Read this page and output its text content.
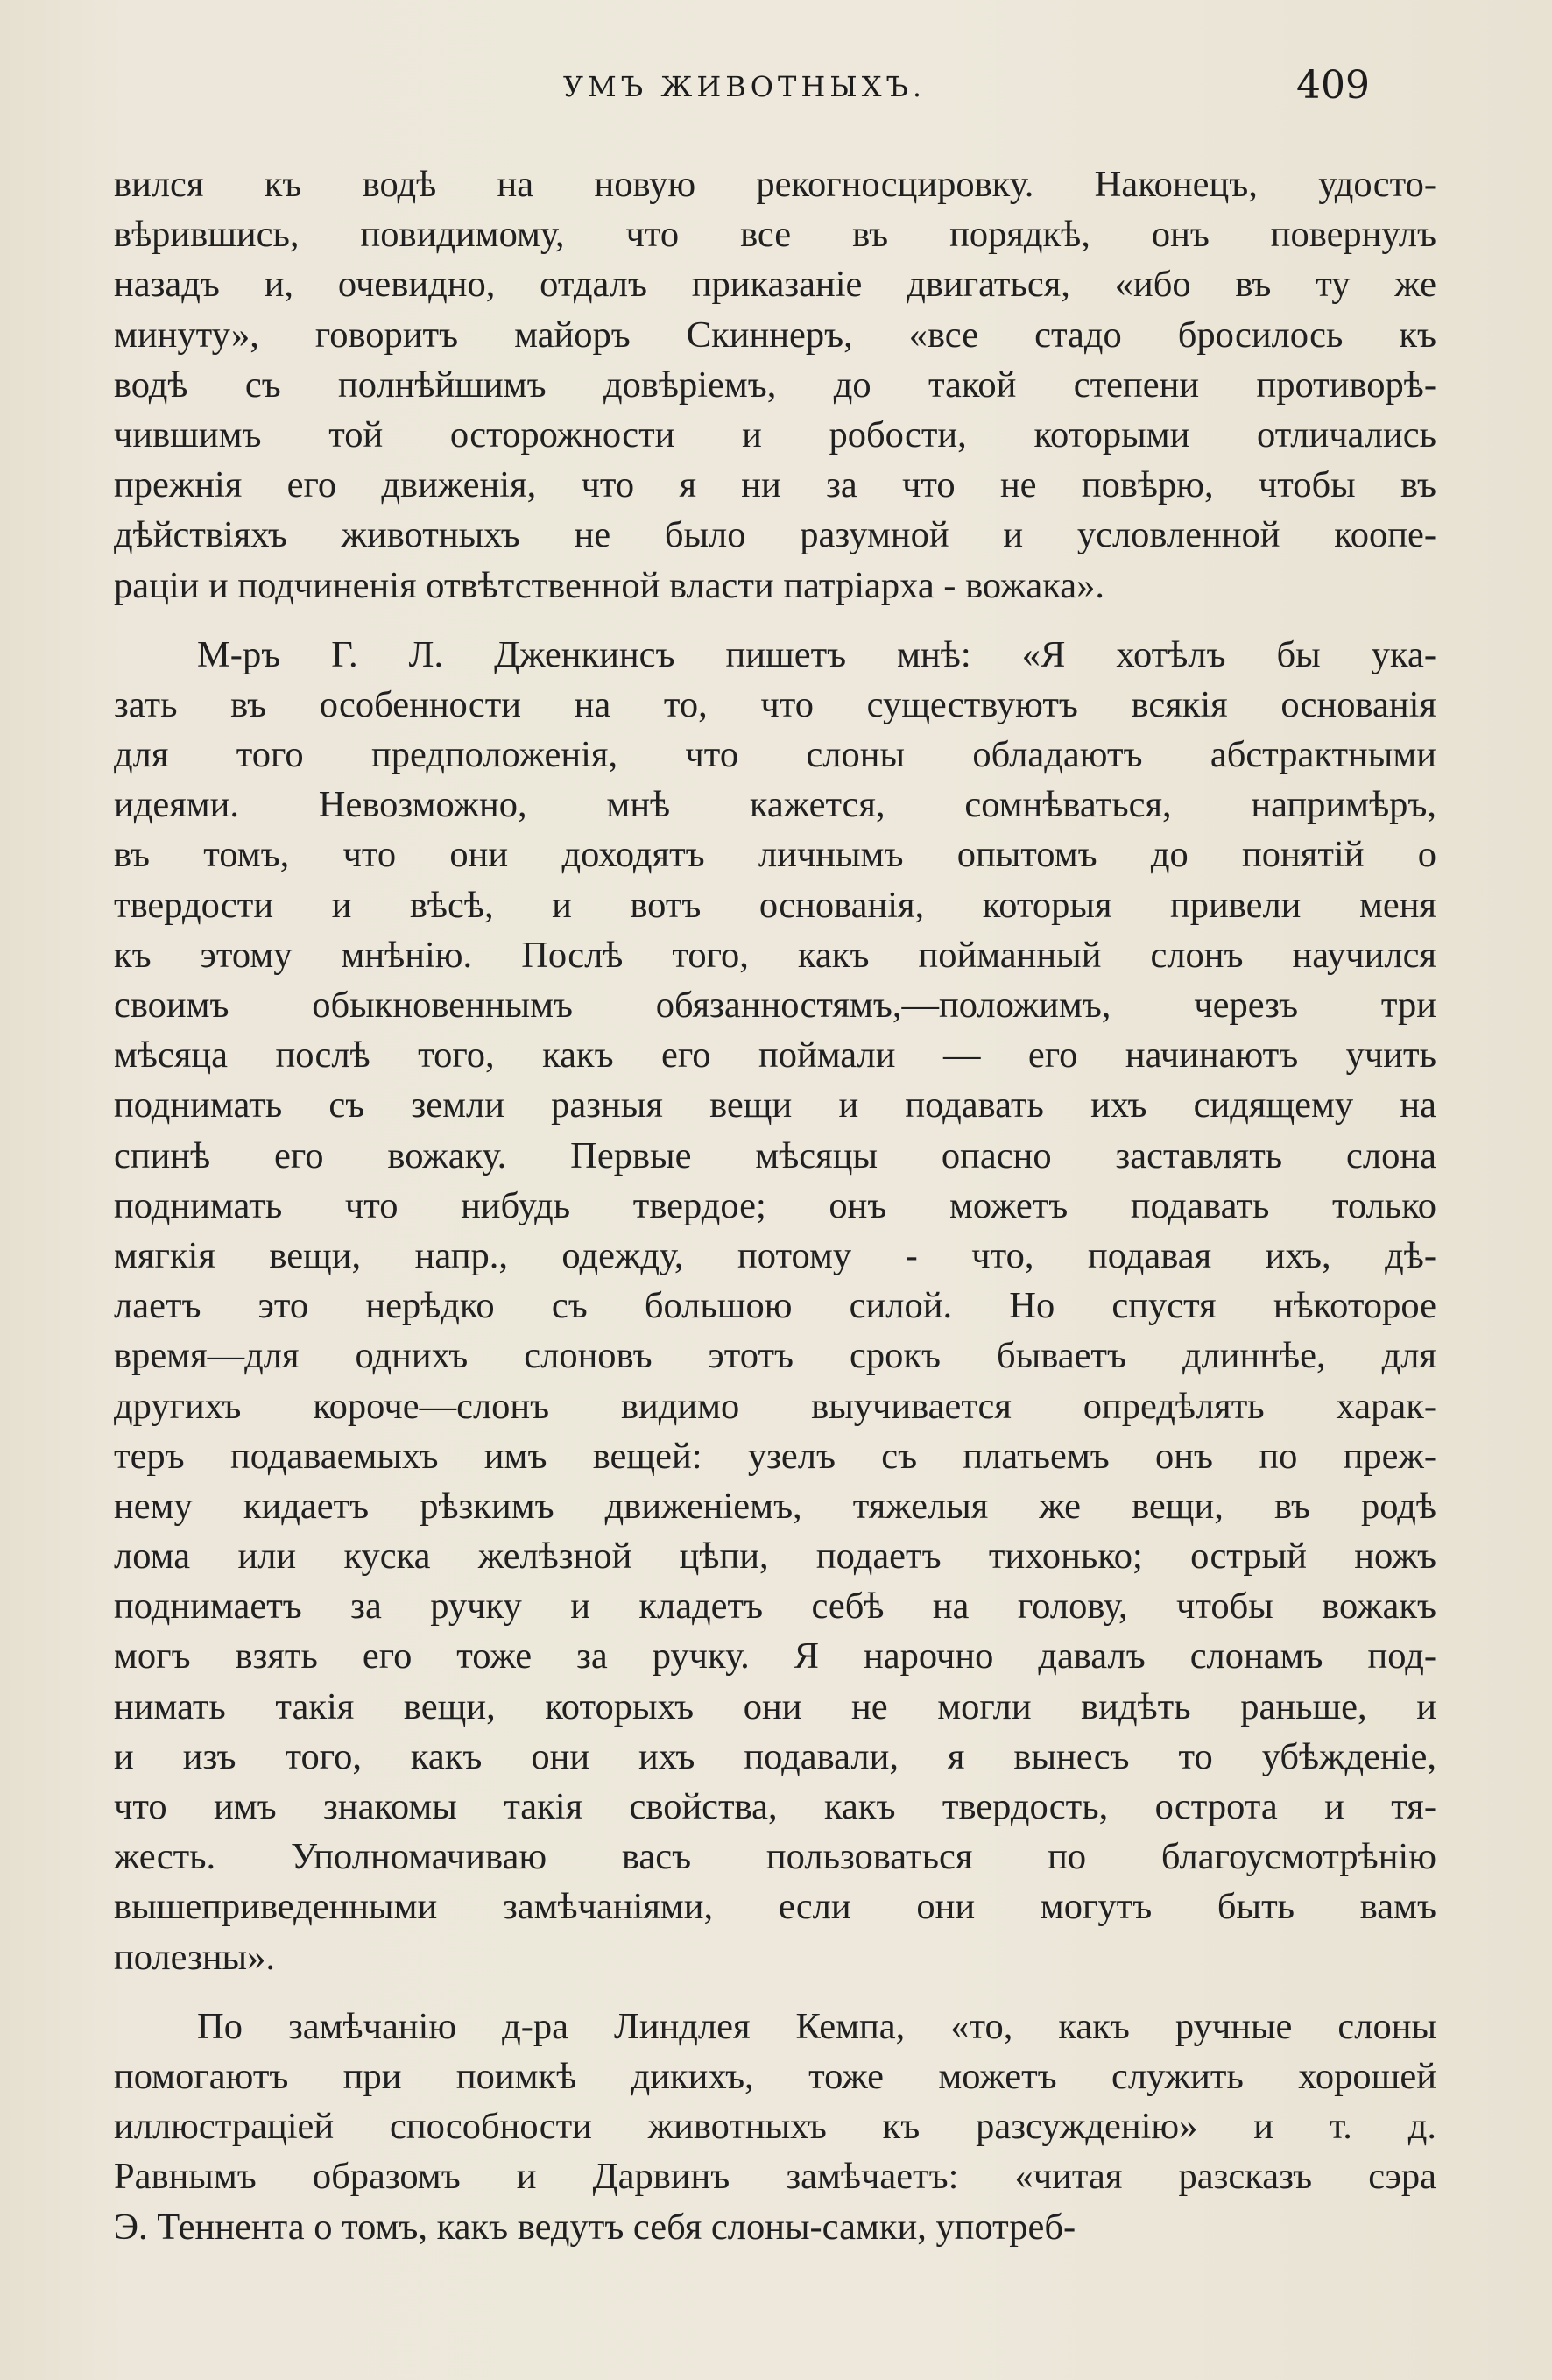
УМЪ ЖИВОТНЫХЪ.	409
вился къ водѣ на новую рекогносцировку. Наконецъ, удосто-
вѣрившись, повидимому, что все въ порядкѣ, онъ повернулъ
назадъ и, очевидно, отдалъ приказанiе двигаться, «ибо въ ту же
минуту», говоритъ майоръ Скиннеръ, «все стадо бросилось къ
водѣ съ полнѣйшимъ довѣрiемъ, до такой степени противорѣ-
чившимъ той осторожности и робости, которыми отличались
прежнiя его движенiя, что я ни за что не повѣрю, чтобы въ
дѣйствiяхъ животныхъ не было разумной и условленной коопе-
рацiи и подчиненiя отвѣтственной власти патрiарха - вожака».
М-ръ Г. Л. Дженкинсъ пишетъ мнѣ: «Я хотѣлъ бы ука-
зать въ особенности на то, что существуютъ всякiя основанiя
для того предположенiя, что слоны обладаютъ абстрактными
идеями. Невозможно, мнѣ кажется, сомнѣваться, напримѣръ,
въ томъ, что они доходятъ личнымъ опытомъ до понятiй о
твердости и вѣсѣ, и вотъ основанiя, которыя привели меня
къ этому мнѣнiю. Послѣ того, какъ пойманный слонъ научился
своимъ обыкновеннымъ обязанностямъ,—положимъ, черезъ три
мѣсяца послѣ того, какъ его поймали — его начинаютъ учить
поднимать съ земли разныя вещи и подавать ихъ сидящему на
спинѣ его вожаку. Первые мѣсяцы опасно заставлять слона
поднимать что нибудь твердое; онъ можетъ подавать только
мягкiя вещи, напр., одежду, потому - что, подавая ихъ, дѣ-
лаетъ это нерѣдко съ большою силой. Но спустя нѣкоторое
время—для однихъ слоновъ этотъ срокъ бываетъ длиннѣе, для
другихъ короче—слонъ видимо выучивается опредѣлять харак-
теръ подаваемыхъ имъ вещей: узелъ съ платьемъ онъ по преж-
нему кидаетъ рѣзкимъ движенiемъ, тяжелыя же вещи, въ родѣ
лома или куска желѣзной цѣпи, подаетъ тихонько; острый ножъ
поднимаетъ за ручку и кладетъ себѣ на голову, чтобы вожакъ
могъ взять его тоже за ручку. Я нарочно давалъ слонамъ под-
нимать такiя вещи, которыхъ они не могли видѣть раньше, и
и изъ того, какъ они ихъ подавали, я вынесъ то убѣжденiе,
что имъ знакомы такiя свойства, какъ твердость, острота и тя-
жесть. Уполномачиваю васъ пользоваться по благоусмотрѣнiю
вышеприведенными замѣчанiями, если они могутъ быть вамъ
полезны».
По замѣчанiю д-ра Линдлея Кемпа, «то, какъ ручные слоны
помогаютъ при поимкѣ дикихъ, тоже можетъ служить хорошей
иллюстрацiей способности животныхъ къ разсужденiю» и т. д.
Равнымъ образомъ и Дарвинъ замѣчаетъ: «читая разсказъ сэра
Э. Теннента о томъ, какъ ведутъ себя слоны-самки, употреб-
